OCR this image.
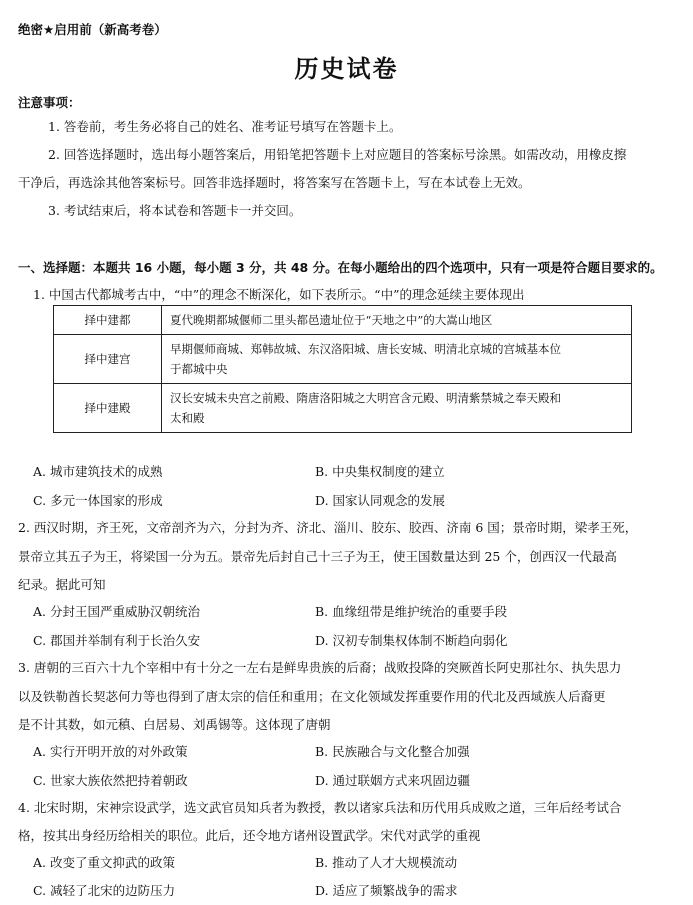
绝密★启用前（新高考卷）
历史试卷
注意事项：
1. 答卷前，考生务必将自己的姓名、准考证号填写在答题卡上。
2. 回答选择题时，选出每小题答案后，用铅笔把答题卡上对应题目的答案标号涂黑。如需改动，用橡皮擦
干净后，再选涂其他答案标号。回答非选择题时，将答案写在答题卡上，写在本试卷上无效。
3. 考试结束后，将本试卷和答题卡一并交回。
一、选择题：本题共 16 小题，每小题 3 分，共 48 分。在每小题给出的四个选项中，只有一项是符合题目要求的。
1. 中国古代都城考古中，“中”的理念不断深化，如下表所示。“中”的理念延续主要体现出
择中建都	夏代晚期都城偃师二里头都邑遗址位于“天地之中”的大嵩山地区

择中建宫	早期偃师商城、郑韩故城、东汉洛阳城、唐长安城、明清北京城的宫城基本位
于都城中央

择中建殿	汉长安城未央宫之前殿、隋唐洛阳城之大明宫含元殿、明清紫禁城之奉天殿和
太和殿
A. 城市建筑技术的成熟	B. 中央集权制度的建立
C. 多元一体国家的形成	D. 国家认同观念的发展
2. 西汉时期，齐王死，文帝剖齐为六，分封为齐、济北、淄川、胶东、胶西、济南 6 国；景帝时期，梁孝王死，
景帝立其五子为王，将梁国一分为五。景帝先后封自己十三子为王，使王国数量达到 25 个，创西汉一代最高
纪录。据此可知
A. 分封王国严重威胁汉朝统治	B. 血缘纽带是维护统治的重要手段
C. 郡国并举制有利于长治久安	D. 汉初专制集权体制不断趋向弱化
3. 唐朝的三百六十九个宰相中有十分之一左右是鲜卑贵族的后裔；战败投降的突厥酋长阿史那社尔、执失思力
以及铁勒酋长契苾何力等也得到了唐太宗的信任和重用；在文化领域发挥重要作用的代北及西域族人后裔更
是不计其数，如元稹、白居易、刘禹锡等。这体现了唐朝
A. 实行开明开放的对外政策	B. 民族融合与文化整合加强
C. 世家大族依然把持着朝政	D. 通过联姻方式来巩固边疆
4. 北宋时期，宋神宗设武学，选文武官员知兵者为教授，教以诸家兵法和历代用兵成败之道，三年后经考试合
格，按其出身经历给相关的职位。此后，还令地方诸州设置武学。宋代对武学的重视
A. 改变了重文抑武的政策	B. 推动了人才大规模流动
C. 减轻了北宋的边防压力	D. 适应了频繁战争的需求
